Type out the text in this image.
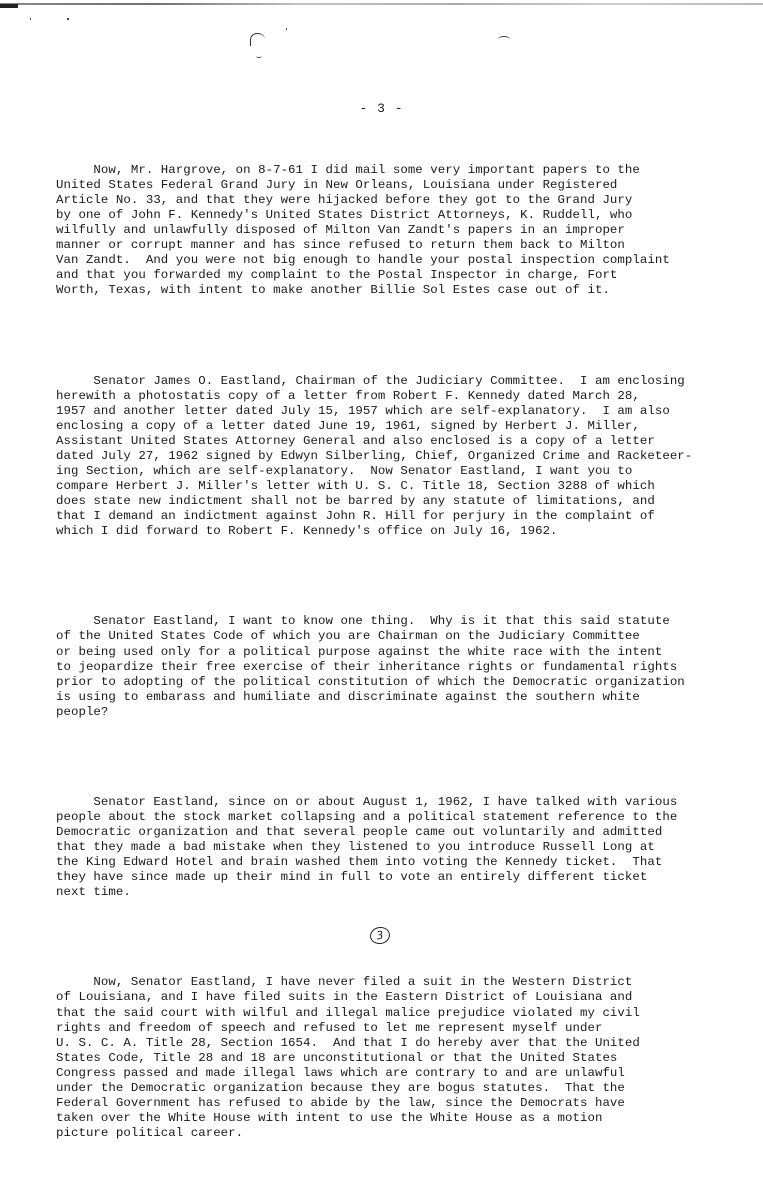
- 3 -

Now, Mr. Hargrove, on 8-7-61 I did mail some very important papers to the
United States Federal Grand Jury in New Orleans, Louisiana under Registered
Article No. 33, and that they were hijacked before they got to the Grand Jury
by one of John F. Kennedy's United States District Attorneys, K. Ruddell, who
wilfully and unlawfully disposed of Milton Van Zandt's papers in an improper
manner or corrupt manner and has since refused to return them back to Milton
Van Zandt.  And you were not big enough to handle your postal inspection complaint
and that you forwarded my complaint to the Postal Inspector in charge, Fort
Worth, Texas, with intent to make another Billie Sol Estes case out of it.

Senator James O. Eastland, Chairman of the Judiciary Committee.  I am enclosing
herewith a photostatis copy of a letter from Robert F. Kennedy dated March 28,
1957 and another letter dated July 15, 1957 which are self-explanatory.  I am also
enclosing a copy of a letter dated June 19, 1961, signed by Herbert J. Miller,
Assistant United States Attorney General and also enclosed is a copy of a letter
dated July 27, 1962 signed by Edwyn Silberling, Chief, Organized Crime and Racketeer-
ing Section, which are self-explanatory.  Now Senator Eastland, I want you to
compare Herbert J. Miller's letter with U. S. C. Title 18, Section 3288 of which
does state new indictment shall not be barred by any statute of limitations, and
that I demand an indictment against John R. Hill for perjury in the complaint of
which I did forward to Robert F. Kennedy's office on July 16, 1962.

Senator Eastland, I want to know one thing.  Why is it that this said statute
of the United States Code of which you are Chairman on the Judiciary Committee
or being used only for a political purpose against the white race with the intent
to jeopardize their free exercise of their inheritance rights or fundamental rights
prior to adopting of the political constitution of which the Democratic organization
is using to embarass and humiliate and discriminate against the southern white
people?

Senator Eastland, since on or about August 1, 1962, I have talked with various
people about the stock market collapsing and a political statement reference to the
Democratic organization and that several people came out voluntarily and admitted
that they made a bad mistake when they listened to you introduce Russell Long at
the King Edward Hotel and brain washed them into voting the Kennedy ticket.  That
they have since made up their mind in full to vote an entirely different ticket
next time.

Now, Senator Eastland, I have never filed a suit in the Western District
of Louisiana, and I have filed suits in the Eastern District of Louisiana and
that the said court with wilful and illegal malice prejudice violated my civil
rights and freedom of speech and refused to let me represent myself under
U. S. C. A. Title 28, Section 1654.  And that I do hereby aver that the United
States Code, Title 28 and 18 are unconstitutional or that the United States
Congress passed and made illegal laws which are contrary to and are unlawful
under the Democratic organization because they are bogus statutes.  That the
Federal Government has refused to abide by the law, since the Democrats have
taken over the White House with intent to use the White House as a motion
picture political career.

3
